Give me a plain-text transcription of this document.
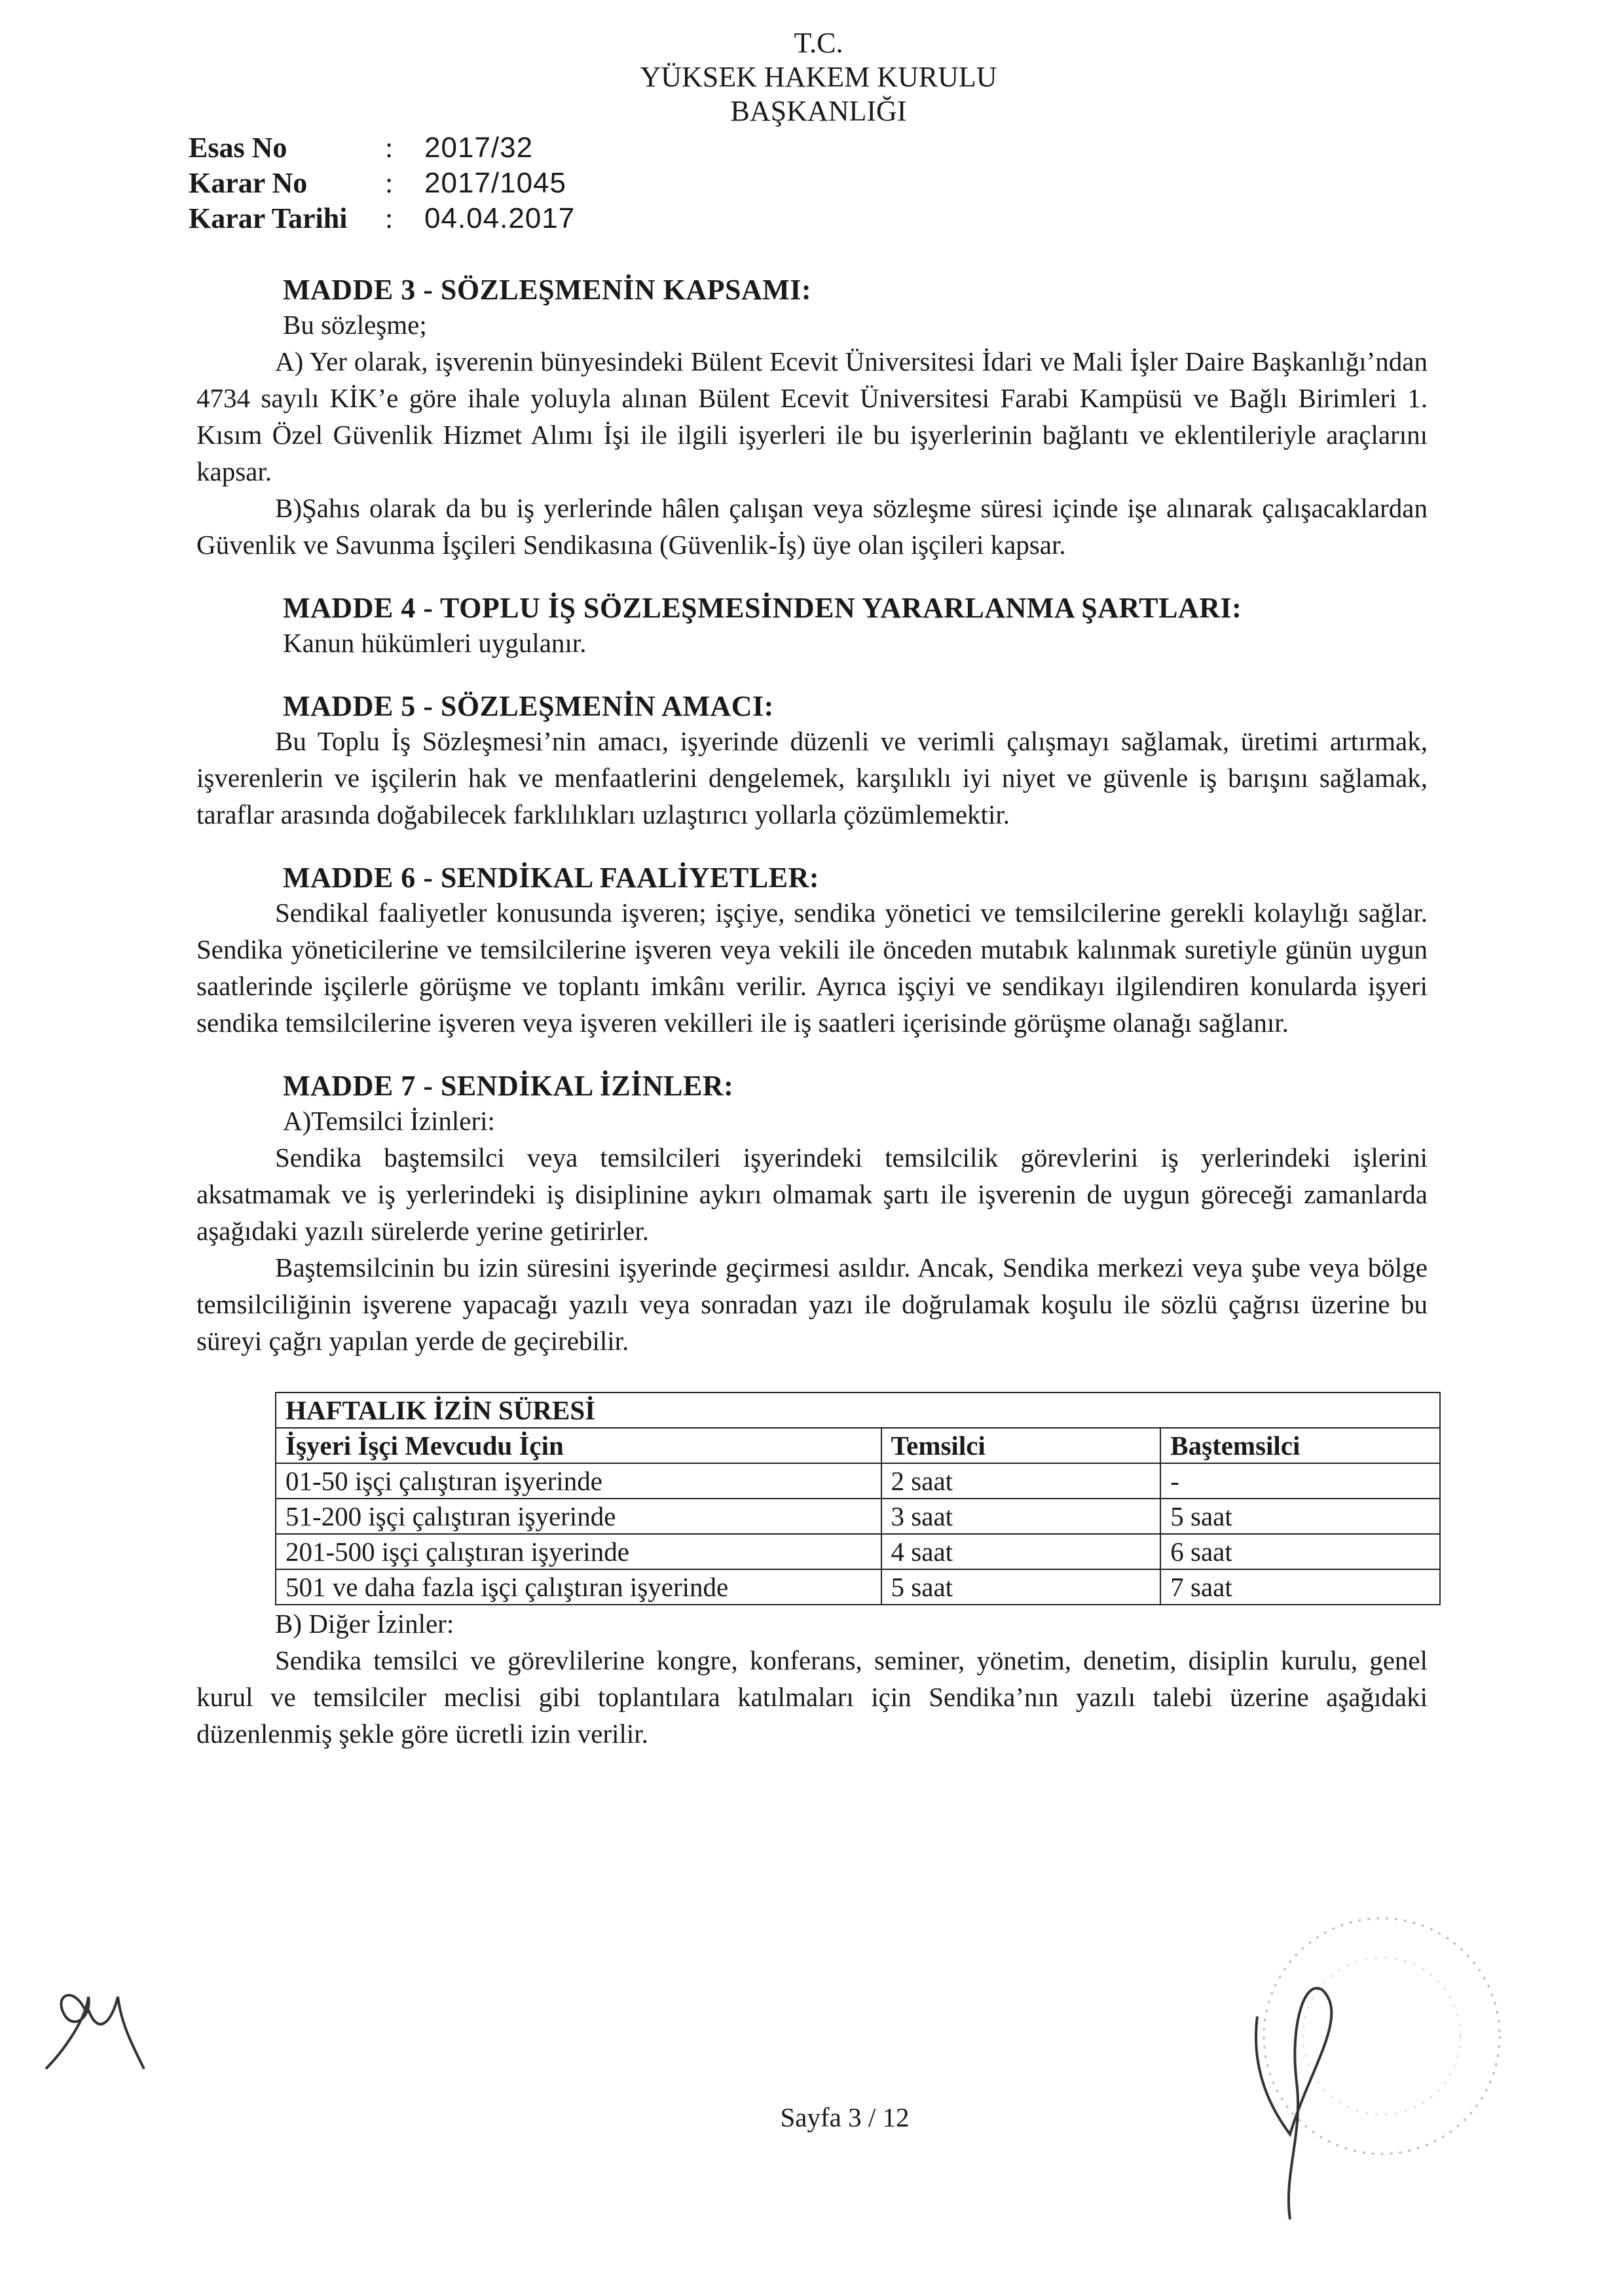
T.C.
YÜKSEK HAKEM KURULU
BAŞKANLIĞI
Esas No	:	2017/32
Karar No	:	2017/1045
Karar Tarihi	:	04.04.2017
MADDE 3 - SÖZLEŞMENİN KAPSAMI:
Bu sözleşme;
A) Yer olarak, işverenin bünyesindeki Bülent Ecevit Üniversitesi İdari ve Mali İşler Daire Başkanlığı’ndan 4734 sayılı KİK’e göre ihale yoluyla alınan Bülent Ecevit Üniversitesi Farabi Kampüsü ve Bağlı Birimleri 1. Kısım Özel Güvenlik Hizmet Alımı İşi ile ilgili işyerleri ile bu işyerlerinin bağlantı ve eklentileriyle araçlarını kapsar.
B)Şahıs olarak da bu iş yerlerinde hâlen çalışan veya sözleşme süresi içinde işe alınarak çalışacaklardan Güvenlik ve Savunma İşçileri Sendikasına (Güvenlik-İş) üye olan işçileri kapsar.
MADDE 4 - TOPLU İŞ SÖZLEŞMESİNDEN YARARLANMA ŞARTLARI:
Kanun hükümleri uygulanır.
MADDE 5 - SÖZLEŞMENİN AMACI:
Bu Toplu İş Sözleşmesi’nin amacı, işyerinde düzenli ve verimli çalışmayı sağlamak, üretimi artırmak, işverenlerin ve işçilerin hak ve menfaatlerini dengelemek, karşılıklı iyi niyet ve güvenle iş barışını sağlamak, taraflar arasında doğabilecek farklılıkları uzlaştırıcı yollarla çözümlemektir.
MADDE 6 - SENDİKAL FAALİYETLER:
Sendikal faaliyetler konusunda işveren; işçiye, sendika yönetici ve temsilcilerine gerekli kolaylığı sağlar. Sendika yöneticilerine ve temsilcilerine işveren veya vekili ile önceden mutabık kalınmak suretiyle günün uygun saatlerinde işçilerle görüşme ve toplantı imkânı verilir. Ayrıca işçiyi ve sendikayı ilgilendiren konularda işyeri sendika temsilcilerine işveren veya işveren vekilleri ile iş saatleri içerisinde görüşme olanağı sağlanır.
MADDE 7 - SENDİKAL İZİNLER:
A)Temsilci İzinleri:
Sendika baştemsilci veya temsilcileri işyerindeki temsilcilik görevlerini iş yerlerindeki işlerini aksatmamak ve iş yerlerindeki iş disiplinine aykırı olmamak şartı ile işverenin de uygun göreceği zamanlarda aşağıdaki yazılı sürelerde yerine getirirler.
Baştemsilcinin bu izin süresini işyerinde geçirmesi asıldır. Ancak, Sendika merkezi veya şube veya bölge temsilciliğinin işverene yapacağı yazılı veya sonradan yazı ile doğrulamak koşulu ile sözlü çağrısı üzerine bu süreyi çağrı yapılan yerde de geçirebilir.
HAFTALIK İZİN SÜRESİ		
İşyeri İşçi Mevcudu İçin	Temsilci	Baştemsilci
01-50 işçi çalıştıran işyerinde	2 saat	-
51-200 işçi çalıştıran işyerinde	3 saat	5 saat
201-500 işçi çalıştıran işyerinde	4 saat	6 saat
501 ve daha fazla işçi çalıştıran işyerinde	5 saat	7 saat
B) Diğer İzinler:
Sendika temsilci ve görevlilerine kongre, konferans, seminer, yönetim, denetim, disiplin kurulu, genel kurul ve temsilciler meclisi gibi toplantılara katılmaları için Sendika’nın yazılı talebi üzerine aşağıdaki düzenlenmiş şekle göre ücretli izin verilir.
Sayfa 3 / 12
